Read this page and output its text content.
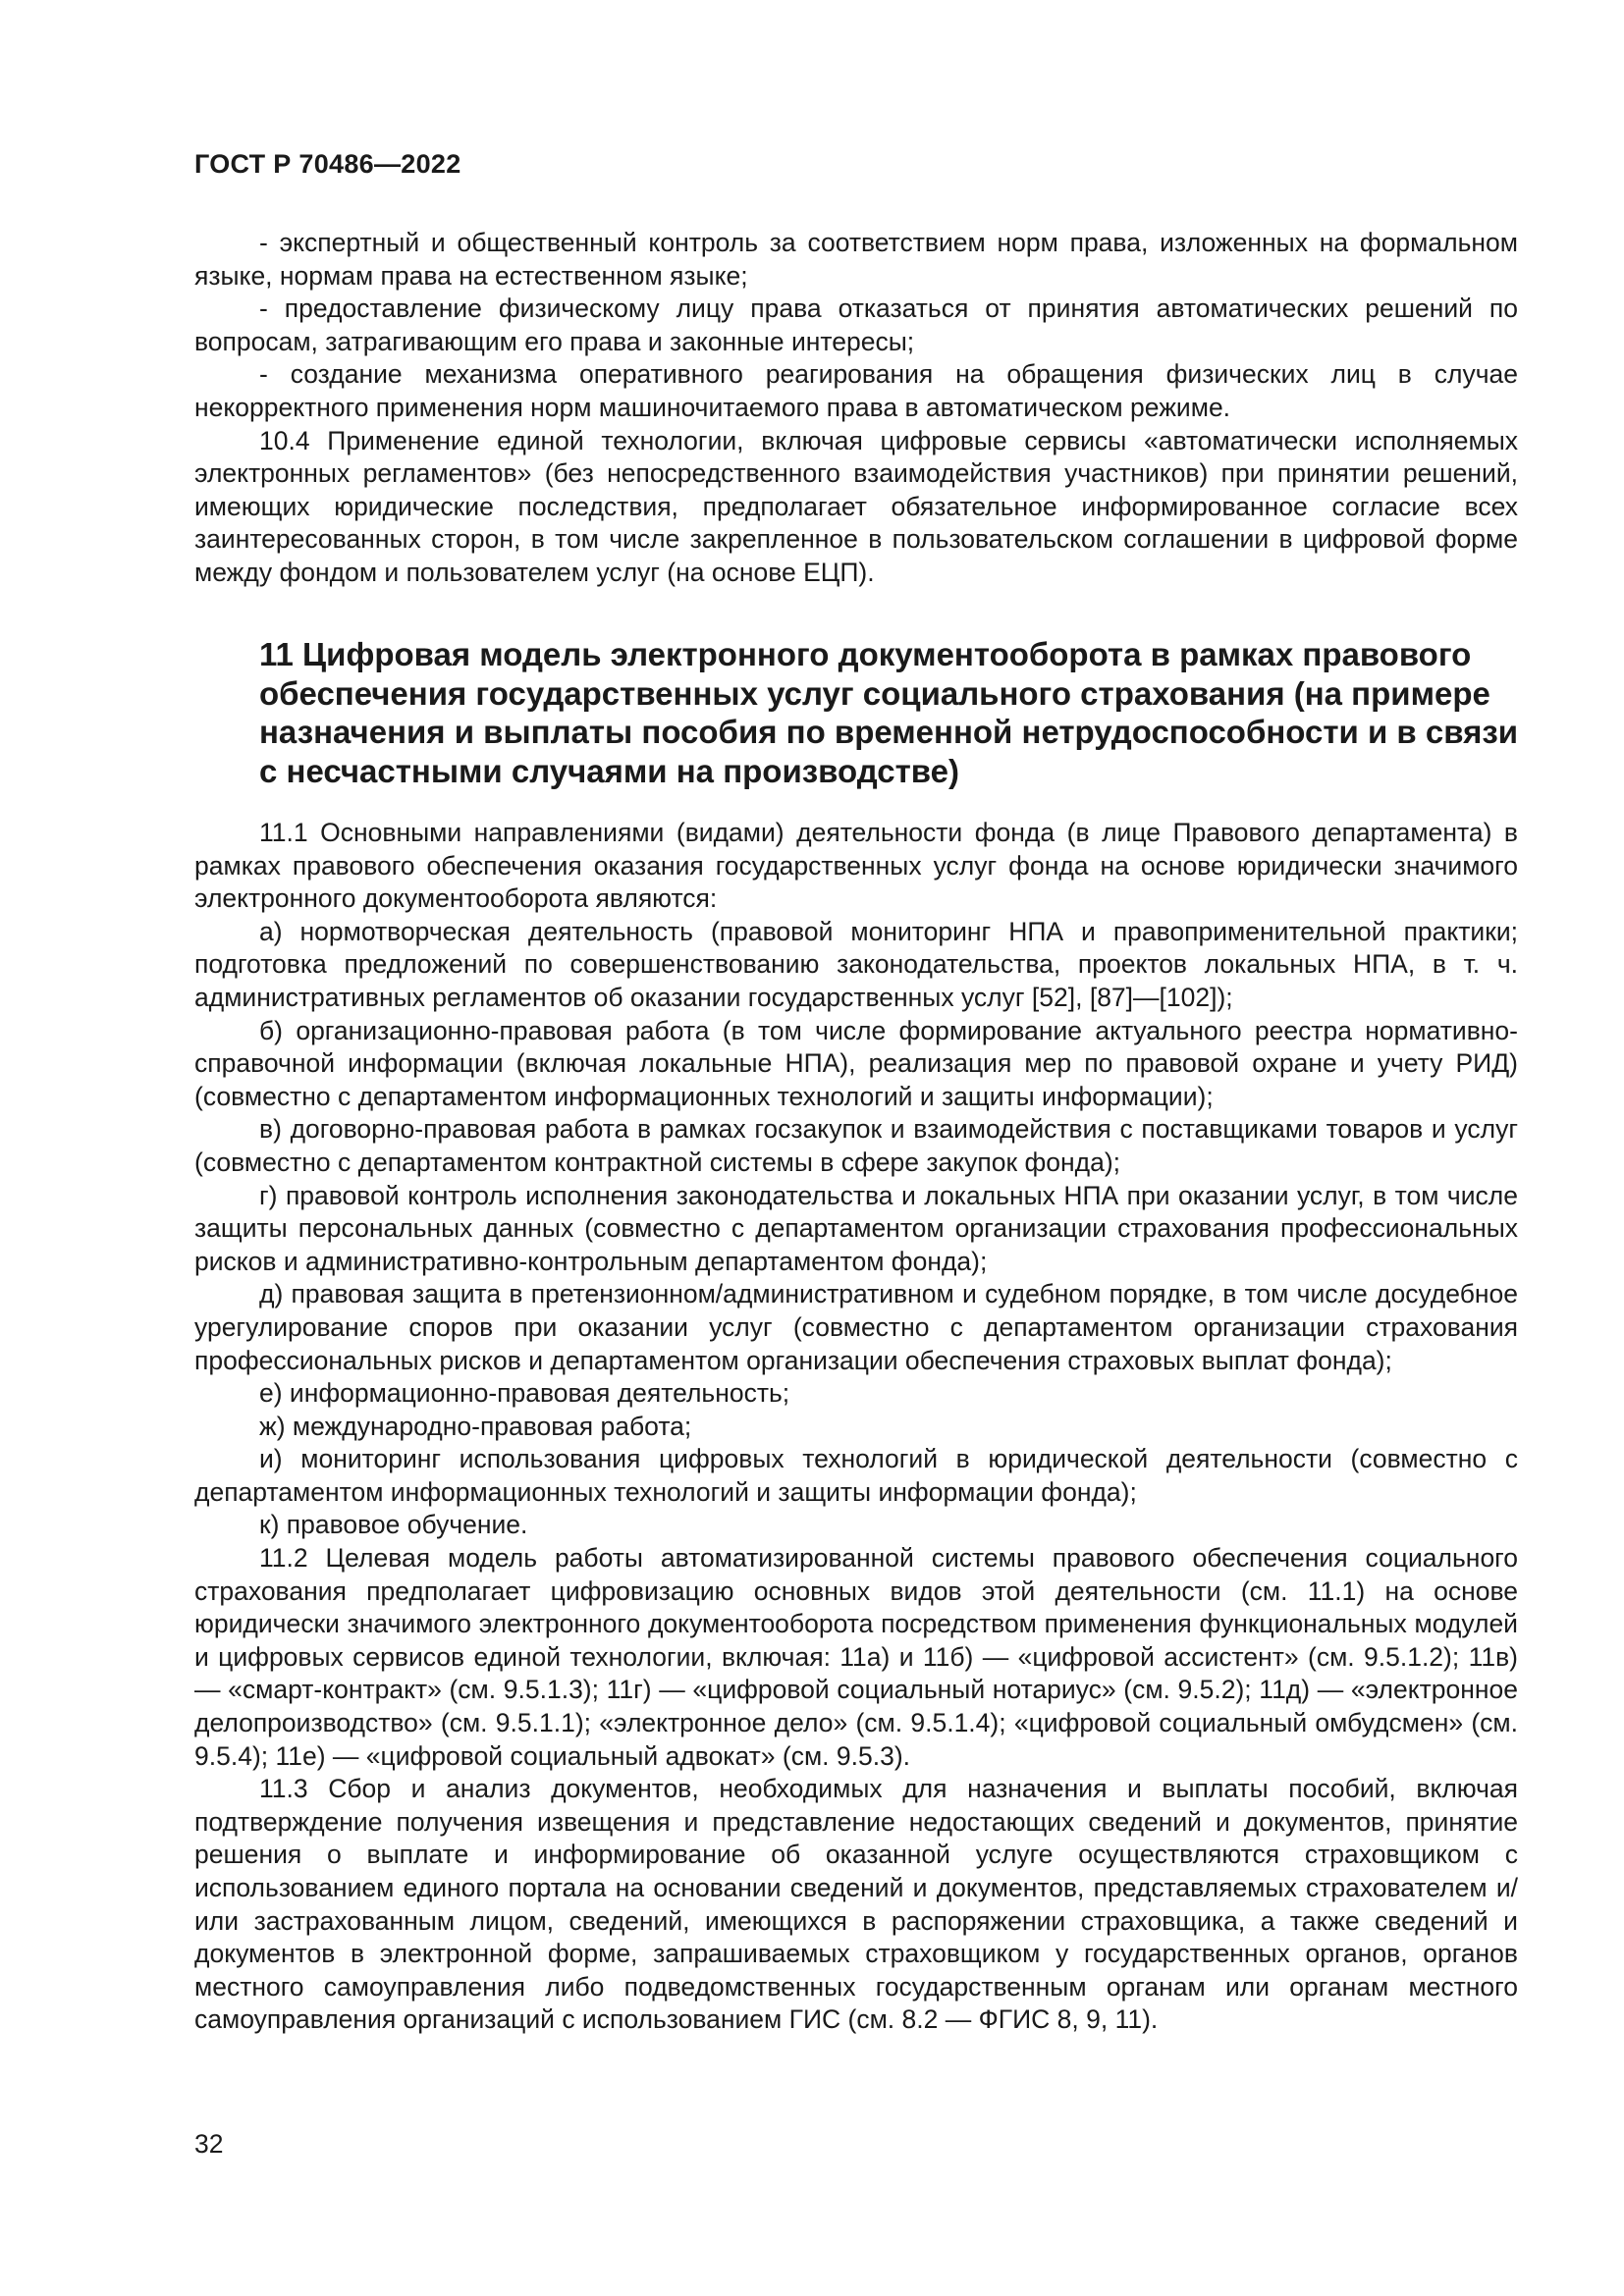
ГОСТ Р 70486—2022

- экспертный и общественный контроль за соответствием норм права, изложенных на формальном языке, нормам права на естественном языке;

- предоставление физическому лицу права отказаться от принятия автоматических решений по вопросам, затрагивающим его права и законные интересы;

- создание механизма оперативного реагирования на обращения физических лиц в случае некорректного применения норм машиночитаемого права в автоматическом режиме.

10.4 Применение единой технологии, включая цифровые сервисы «автоматически исполняемых электронных регламентов» (без непосредственного взаимодействия участников) при принятии решений, имеющих юридические последствия, предполагает обязательное информированное согласие всех заинтересованных сторон, в том числе закрепленное в пользовательском соглашении в цифровой форме между фондом и пользователем услуг (на основе ЕЦП).

11 Цифровая модель электронного документооборота в рамках правового обеспечения государственных услуг социального страхования (на примере назначения и выплаты пособия по временной нетрудоспособности и в связи с несчастными случаями на производстве)

11.1 Основными направлениями (видами) деятельности фонда (в лице Правового департамента) в рамках правового обеспечения оказания государственных услуг фонда на основе юридически значимого электронного документооборота являются:

а) нормотворческая деятельность (правовой мониторинг НПА и правоприменительной практики; подготовка предложений по совершенствованию законодательства, проектов локальных НПА, в т. ч. административных регламентов об оказании государственных услуг [52], [87]—[102]);

б) организационно-правовая работа (в том числе формирование актуального реестра нормативно-справочной информации (включая локальные НПА), реализация мер по правовой охране и учету РИД) (совместно с департаментом информационных технологий и защиты информации);

в) договорно-правовая работа в рамках госзакупок и взаимодействия с поставщиками товаров и услуг (совместно с департаментом контрактной системы в сфере закупок фонда);

г) правовой контроль исполнения законодательства и локальных НПА при оказании услуг, в том числе защиты персональных данных (совместно с департаментом организации страхования профессиональных рисков и административно-контрольным департаментом фонда);

д) правовая защита в претензионном/административном и судебном порядке, в том числе досудебное урегулирование споров при оказании услуг (совместно с департаментом организации страхования профессиональных рисков и департаментом организации обеспечения страховых выплат фонда);

е) информационно-правовая деятельность;

ж) международно-правовая работа;

и) мониторинг использования цифровых технологий в юридической деятельности (совместно с департаментом информационных технологий и защиты информации фонда);

к) правовое обучение.

11.2 Целевая модель работы автоматизированной системы правового обеспечения социального страхования предполагает цифровизацию основных видов этой деятельности (см. 11.1) на основе юридически значимого электронного документооборота посредством применения функциональных модулей и цифровых сервисов единой технологии, включая: 11а) и 11б) — «цифровой ассистент» (см. 9.5.1.2); 11в) — «смарт-контракт» (см. 9.5.1.3); 11г) — «цифровой социальный нотариус» (см. 9.5.2); 11д) — «электронное делопроизводство» (см. 9.5.1.1); «электронное дело» (см. 9.5.1.4); «цифровой социальный омбудсмен» (см. 9.5.4); 11е) — «цифровой социальный адвокат» (см. 9.5.3).

11.3 Сбор и анализ документов, необходимых для назначения и выплаты пособий, включая подтверждение получения извещения и представление недостающих сведений и документов, принятие решения о выплате и информирование об оказанной услуге осуществляются страховщиком с использованием единого портала на основании сведений и документов, представляемых страхователем и/или застрахованным лицом, сведений, имеющихся в распоряжении страховщика, а также сведений и документов в электронной форме, запрашиваемых страховщиком у государственных органов, органов местного самоуправления либо подведомственных государственным органам или органам местного самоуправления организаций с использованием ГИС (см. 8.2 — ФГИС 8, 9, 11).

32
